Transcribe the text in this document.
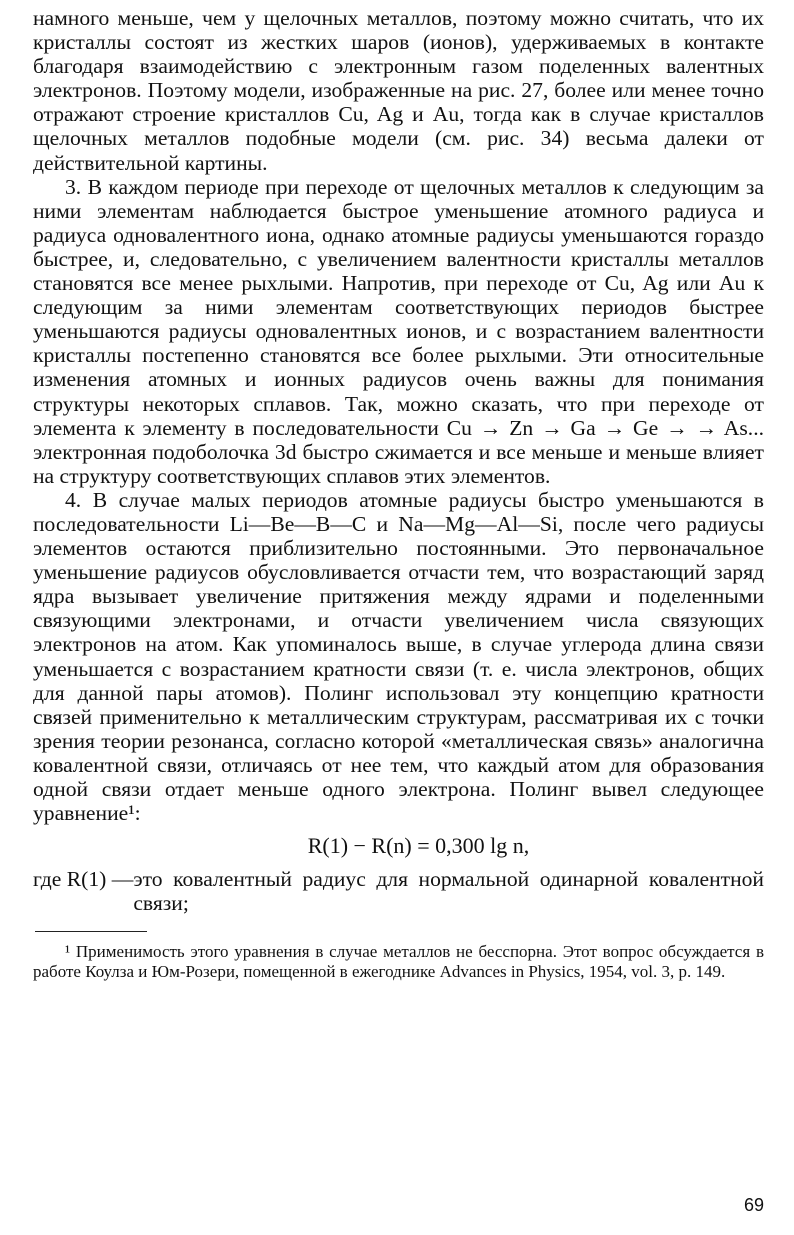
намного меньше, чем у щелочных металлов, поэтому можно считать, что их кристаллы состоят из жестких шаров (ионов), удерживаемых в контакте благодаря взаимодействию с электронным газом поделенных валентных электронов. Поэтому модели, изображенные на рис. 27, более или менее точно отражают строение кристаллов Cu, Ag и Au, тогда как в случае кристаллов щелочных металлов подобные модели (см. рис. 34) весьма далеки от действительной картины.

3. В каждом периоде при переходе от щелочных металлов к следующим за ними элементам наблюдается быстрое уменьшение атомного радиуса и радиуса одновалентного иона, однако атомные радиусы уменьшаются гораздо быстрее, и, следовательно, с увеличением валентности кристаллы металлов становятся все менее рыхлыми. Напротив, при переходе от Cu, Ag или Au к следующим за ними элементам соответствующих периодов быстрее уменьшаются радиусы одновалентных ионов, и с возрастанием валентности кристаллы постепенно становятся все более рыхлыми. Эти относительные изменения атомных и ионных радиусов очень важны для понимания структуры некоторых сплавов. Так, можно сказать, что при переходе от элемента к элементу в последовательности Cu → Zn → Ga → Ge → → As... электронная подоболочка 3d быстро сжимается и все меньше и меньше влияет на структуру соответствующих сплавов этих элементов.

4. В случае малых периодов атомные радиусы быстро уменьшаются в последовательности Li—Be—B—C и Na—Mg—Al—Si, после чего радиусы элементов остаются приблизительно постоянными. Это первоначальное уменьшение радиусов обусловливается отчасти тем, что возрастающий заряд ядра вызывает увеличение притяжения между ядрами и поделенными связующими электронами, и отчасти увеличением числа связующих электронов на атом. Как упоминалось выше, в случае углерода длина связи уменьшается с возрастанием кратности связи (т. е. числа электронов, общих для данной пары атомов). Полинг использовал эту концепцию кратности связей применительно к металлическим структурам, рассматривая их с точки зрения теории резонанса, согласно которой «металлическая связь» аналогична ковалентной связи, отличаясь от нее тем, что каждый атом для образования одной связи отдает меньше одного электрона. Полинг вывел следующее уравнение¹:

R(1) − R(n) = 0,300 lg n,
где R(1) — это ковалентный радиус для нормальной одинарной ковалентной связи;

¹ Применимость этого уравнения в случае металлов не бесспорна. Этот вопрос обсуждается в работе Коулза и Юм-Розери, помещенной в ежегоднике Advances in Physics, 1954, vol. 3, p. 149.

69
